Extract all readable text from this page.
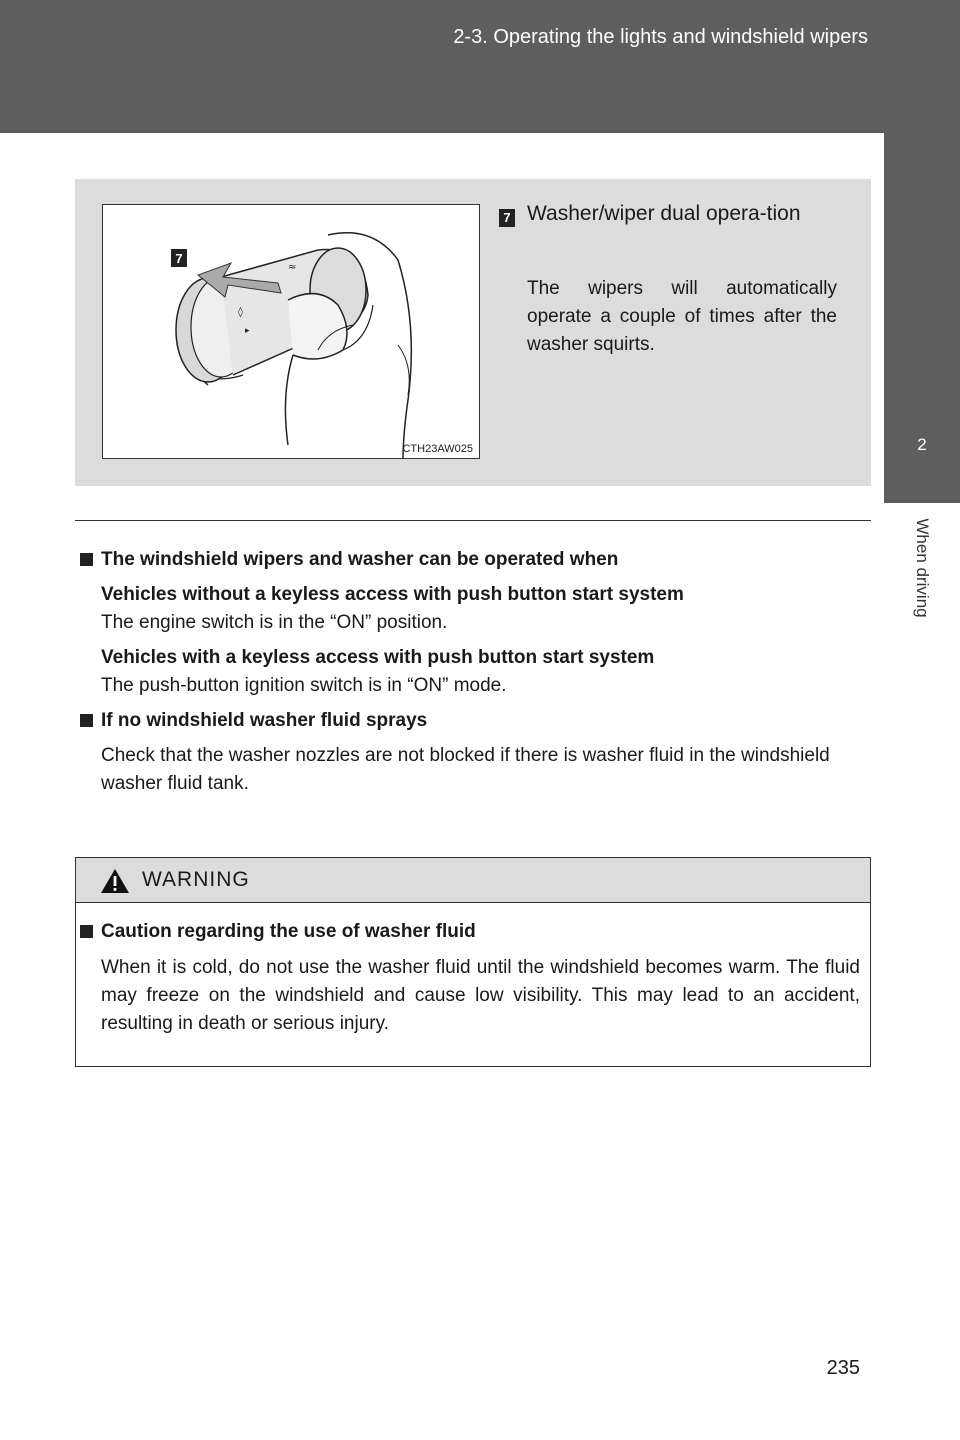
2-3. Operating the lights and windshield wipers
2
When driving
7
◊
▸
≈
CTH23AW025
7 Washer/wiper dual opera-tion
The wipers will automatically operate a couple of times after the washer squirts.
The windshield wipers and washer can be operated when
Vehicles without a keyless access with push button start system
The engine switch is in the “ON” position.
Vehicles with a keyless access with push button start system
The push-button ignition switch is in “ON” mode.
If no windshield washer fluid sprays
Check that the washer nozzles are not blocked if there is washer fluid in the windshield washer fluid tank.
WARNING
Caution regarding the use of washer fluid
When it is cold, do not use the washer fluid until the windshield becomes warm. The fluid may freeze on the windshield and cause low visibility. This may lead to an accident, resulting in death or serious injury.
235
